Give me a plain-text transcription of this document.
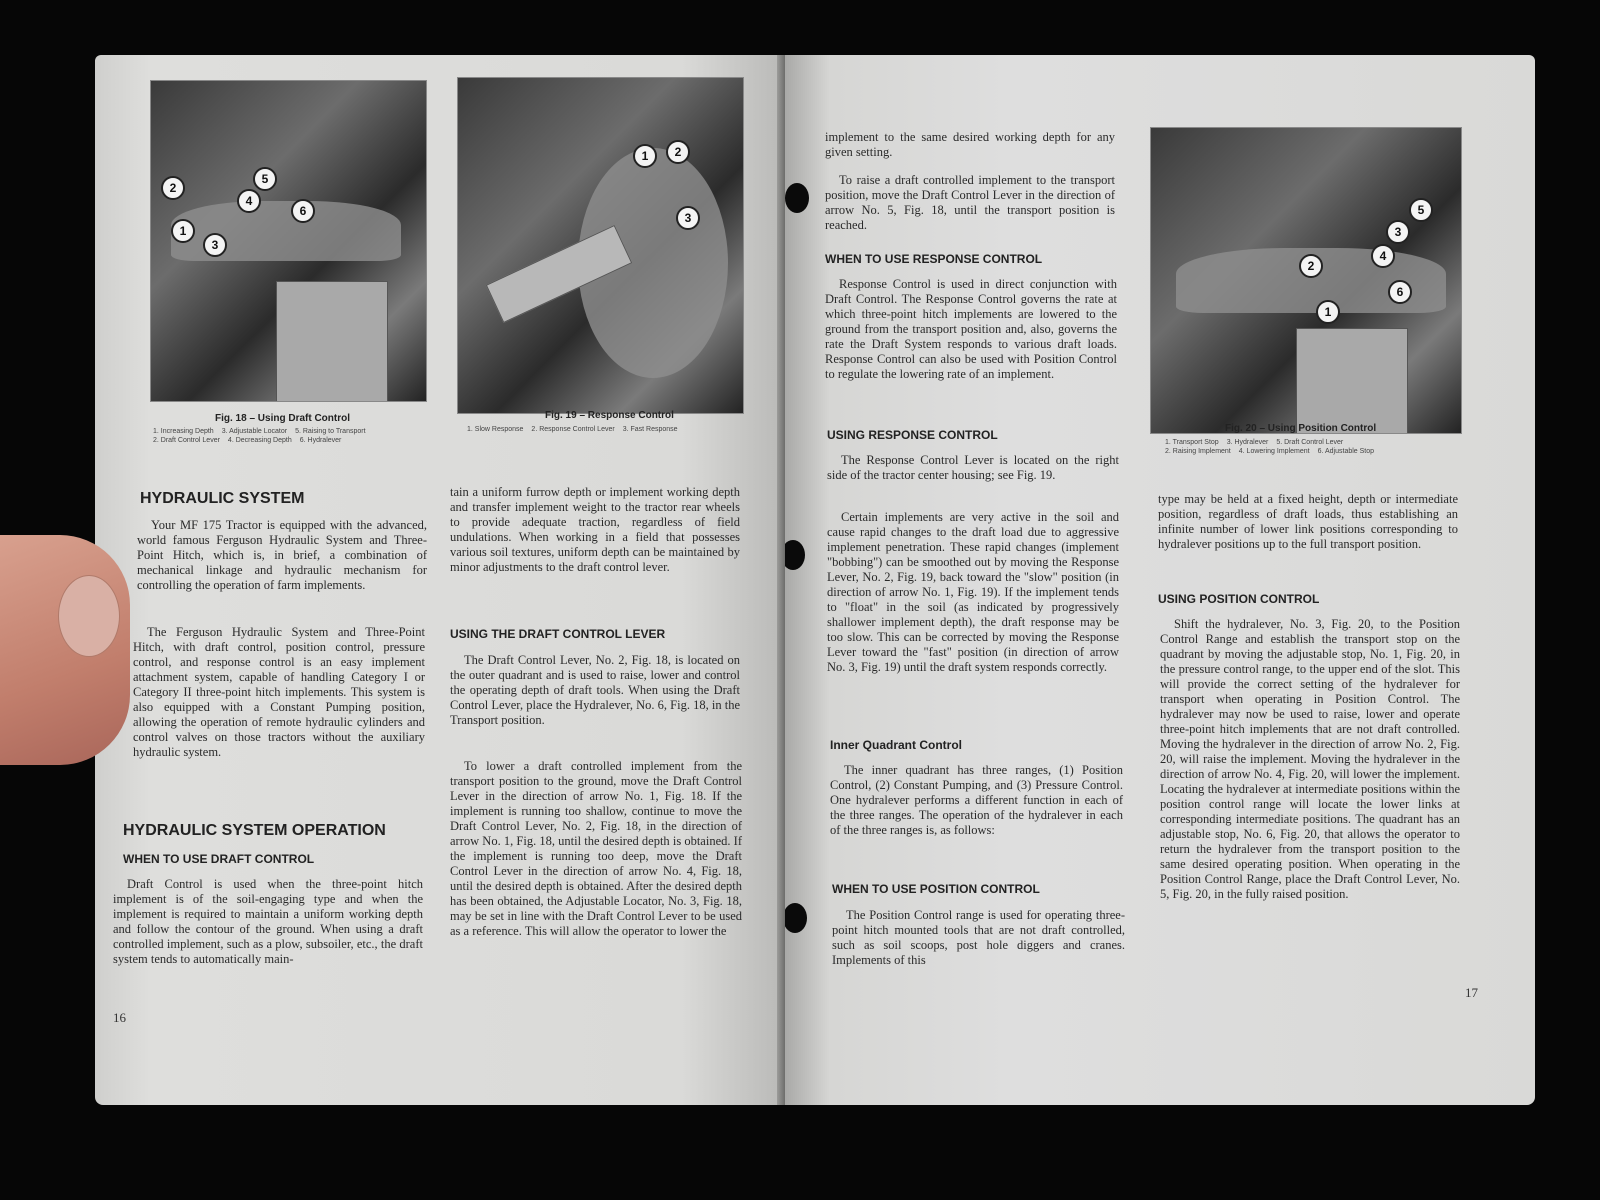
1
2
3
4
5
6
Fig. 18 – Using Draft Control
1. Increasing Depth 3. Adjustable Locator 5. Raising to Transport
2. Draft Control Lever 4. Decreasing Depth 6. Hydralever
1	2
3
Fig. 19 – Response Control
1. Slow Response 2. Response Control Lever 3. Fast Response
HYDRAULIC SYSTEM

Your MF 175 Tractor is equipped with the advanced, world famous Ferguson Hydraulic System and Three-Point Hitch, which is, in brief, a combination of mechanical linkage and hydraulic mechanism for controlling the operation of farm implements.

The Ferguson Hydraulic System and Three-Point Hitch, with draft control, position control, pressure control, and response control is an easy implement attachment system, capable of handling Category I or Category II three-point hitch implements. This system is also equipped with a Constant Pumping position, allowing the operation of remote hydraulic cylinders and control valves on those tractors without the auxiliary hydraulic system.

HYDRAULIC SYSTEM OPERATION
WHEN TO USE DRAFT CONTROL

Draft Control is used when the three-point hitch implement is of the soil-engaging type and when the implement is required to maintain a uniform working depth and follow the contour of the ground. When using a draft controlled implement, such as a plow, subsoiler, etc., the draft system tends to automatically main-

16

tain a uniform furrow depth or implement working depth and transfer implement weight to the tractor rear wheels to provide adequate traction, regardless of field undulations. When working in a field that possesses various soil textures, uniform depth can be maintained by minor adjustments to the draft control lever.

USING THE DRAFT CONTROL LEVER

The Draft Control Lever, No. 2, Fig. 18, is located on the outer quadrant and is used to raise, lower and control the operating depth of draft tools. When using the Draft Control Lever, place the Hydralever, No. 6, Fig. 18, in the Transport position.

To lower a draft controlled implement from the transport position to the ground, move the Draft Control Lever in the direction of arrow No. 1, Fig. 18. If the implement is running too shallow, continue to move the Draft Control Lever, No. 2, Fig. 18, in the direction of arrow No. 1, Fig. 18, until the desired depth is obtained. If the implement is running too deep, move the Draft Control Lever in the direction of arrow No. 4, Fig. 18, until the desired depth is obtained. After the desired depth has been obtained, the Adjustable Locator, No. 3, Fig. 18, may be set in line with the Draft Control Lever to be used as a reference. This will allow the operator to lower the

implement to the same desired working depth for any given setting.

To raise a draft controlled implement to the transport position, move the Draft Control Lever in the direction of arrow No. 5, Fig. 18, until the transport position is reached.

WHEN TO USE RESPONSE CONTROL

Response Control is used in direct conjunction with Draft Control. The Response Control governs the rate at which three-point hitch implements are lowered to the ground from the transport position and, also, governs the rate the Draft System responds to various draft loads. Response Control can also be used with Position Control to regulate the lowering rate of an implement.

USING RESPONSE CONTROL

The Response Control Lever is located on the right side of the tractor center housing; see Fig. 19.

Certain implements are very active in the soil and cause rapid changes to the draft load due to aggressive implement penetration. These rapid changes (implement "bobbing") can be smoothed out by moving the Response Lever, No. 2, Fig. 19, back toward the "slow" position (in direction of arrow No. 1, Fig. 19). If the implement tends to "float" in the soil (as indicated by progressively shallower implement depth), the draft response may be too slow. This can be corrected by moving the Response Lever toward the "fast" position (in direction of arrow No. 3, Fig. 19) until the draft system responds correctly.

Inner Quadrant Control

The inner quadrant has three ranges, (1) Position Control, (2) Constant Pumping, and (3) Pressure Control. One hydralever performs a different function in each of the three ranges. The operation of the hydralever in each of the three ranges is, as follows:

WHEN TO USE POSITION CONTROL

The Position Control range is used for operating three-point hitch mounted tools that are not draft controlled, such as soil scoops, post hole diggers and cranes. Implements of this

1
2
3
4
5
6
Fig. 20 – Using Position Control
1. Transport Stop 3. Hydralever 5. Draft Control Lever
2. Raising Implement 4. Lowering Implement 6. Adjustable Stop

type may be held at a fixed height, depth or intermediate position, regardless of draft loads, thus establishing an infinite number of lower link positions corresponding to hydralever positions up to the full transport position.

USING POSITION CONTROL

Shift the hydralever, No. 3, Fig. 20, to the Position Control Range and establish the transport stop on the quadrant by moving the adjustable stop, No. 1, Fig. 20, in the pressure control range, to the upper end of the slot. This will provide the correct setting of the hydralever for transport when operating in Position Control. The hydralever may now be used to raise, lower and operate three-point hitch implements that are not draft controlled. Moving the hydralever in the direction of arrow No. 2, Fig. 20, will raise the implement. Moving the hydralever in the direction of arrow No. 4, Fig. 20, will lower the implement. Locating the hydralever at intermediate positions within the position control range will locate the lower links at corresponding intermediate positions. The quadrant has an adjustable stop, No. 6, Fig. 20, that allows the operator to return the hydralever from the transport position to the same desired operating position. When operating in the Position Control Range, place the Draft Control Lever, No. 5, Fig. 20, in the fully raised position.

17
